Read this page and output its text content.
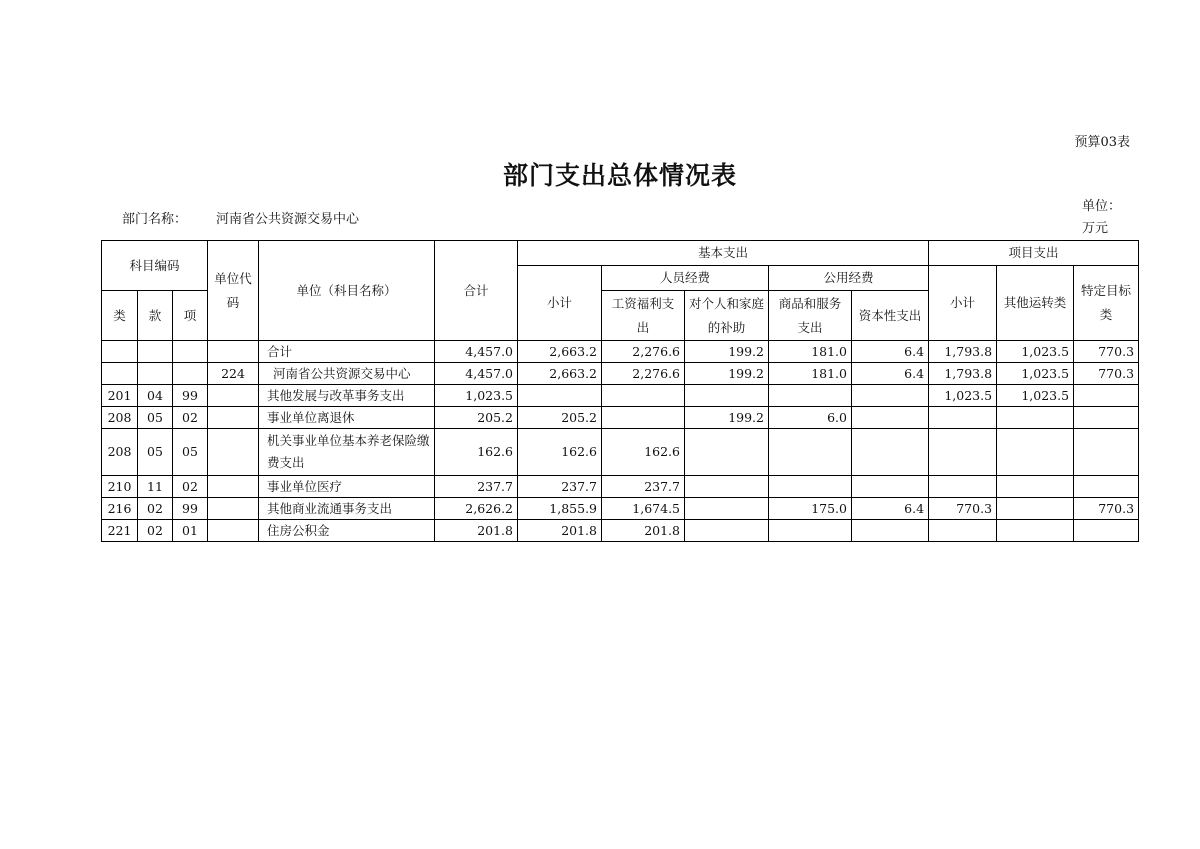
预算03表
部门支出总体情况表
部门名称： 河南省公共资源交易中心
单位：万元
科目编码			单位代码	单位（科目名称）	合计	基本支出					项目支出		
						小计	人员经费		公用经费		小计	其他运转类	特定目标类
类	款	项					工资福利支出	对个人和家庭的补助	商品和服务支出	资本性支出			
				合计	4,457.0	2,663.2	2,276.6	199.2	181.0	6.4	1,793.8	1,023.5	770.3
			224	河南省公共资源交易中心	4,457.0	2,663.2	2,276.6	199.2	181.0	6.4	1,793.8	1,023.5	770.3
201	04	99		其他发展与改革事务支出	1,023.5						1,023.5	1,023.5	
208	05	02		事业单位离退休	205.2	205.2		199.2	6.0				
208	05	05		机关事业单位基本养老保险缴费支出	162.6	162.6	162.6						
210	11	02		事业单位医疗	237.7	237.7	237.7						
216	02	99		其他商业流通事务支出	2,626.2	1,855.9	1,674.5		175.0	6.4	770.3		770.3
221	02	01		住房公积金	201.8	201.8	201.8						
